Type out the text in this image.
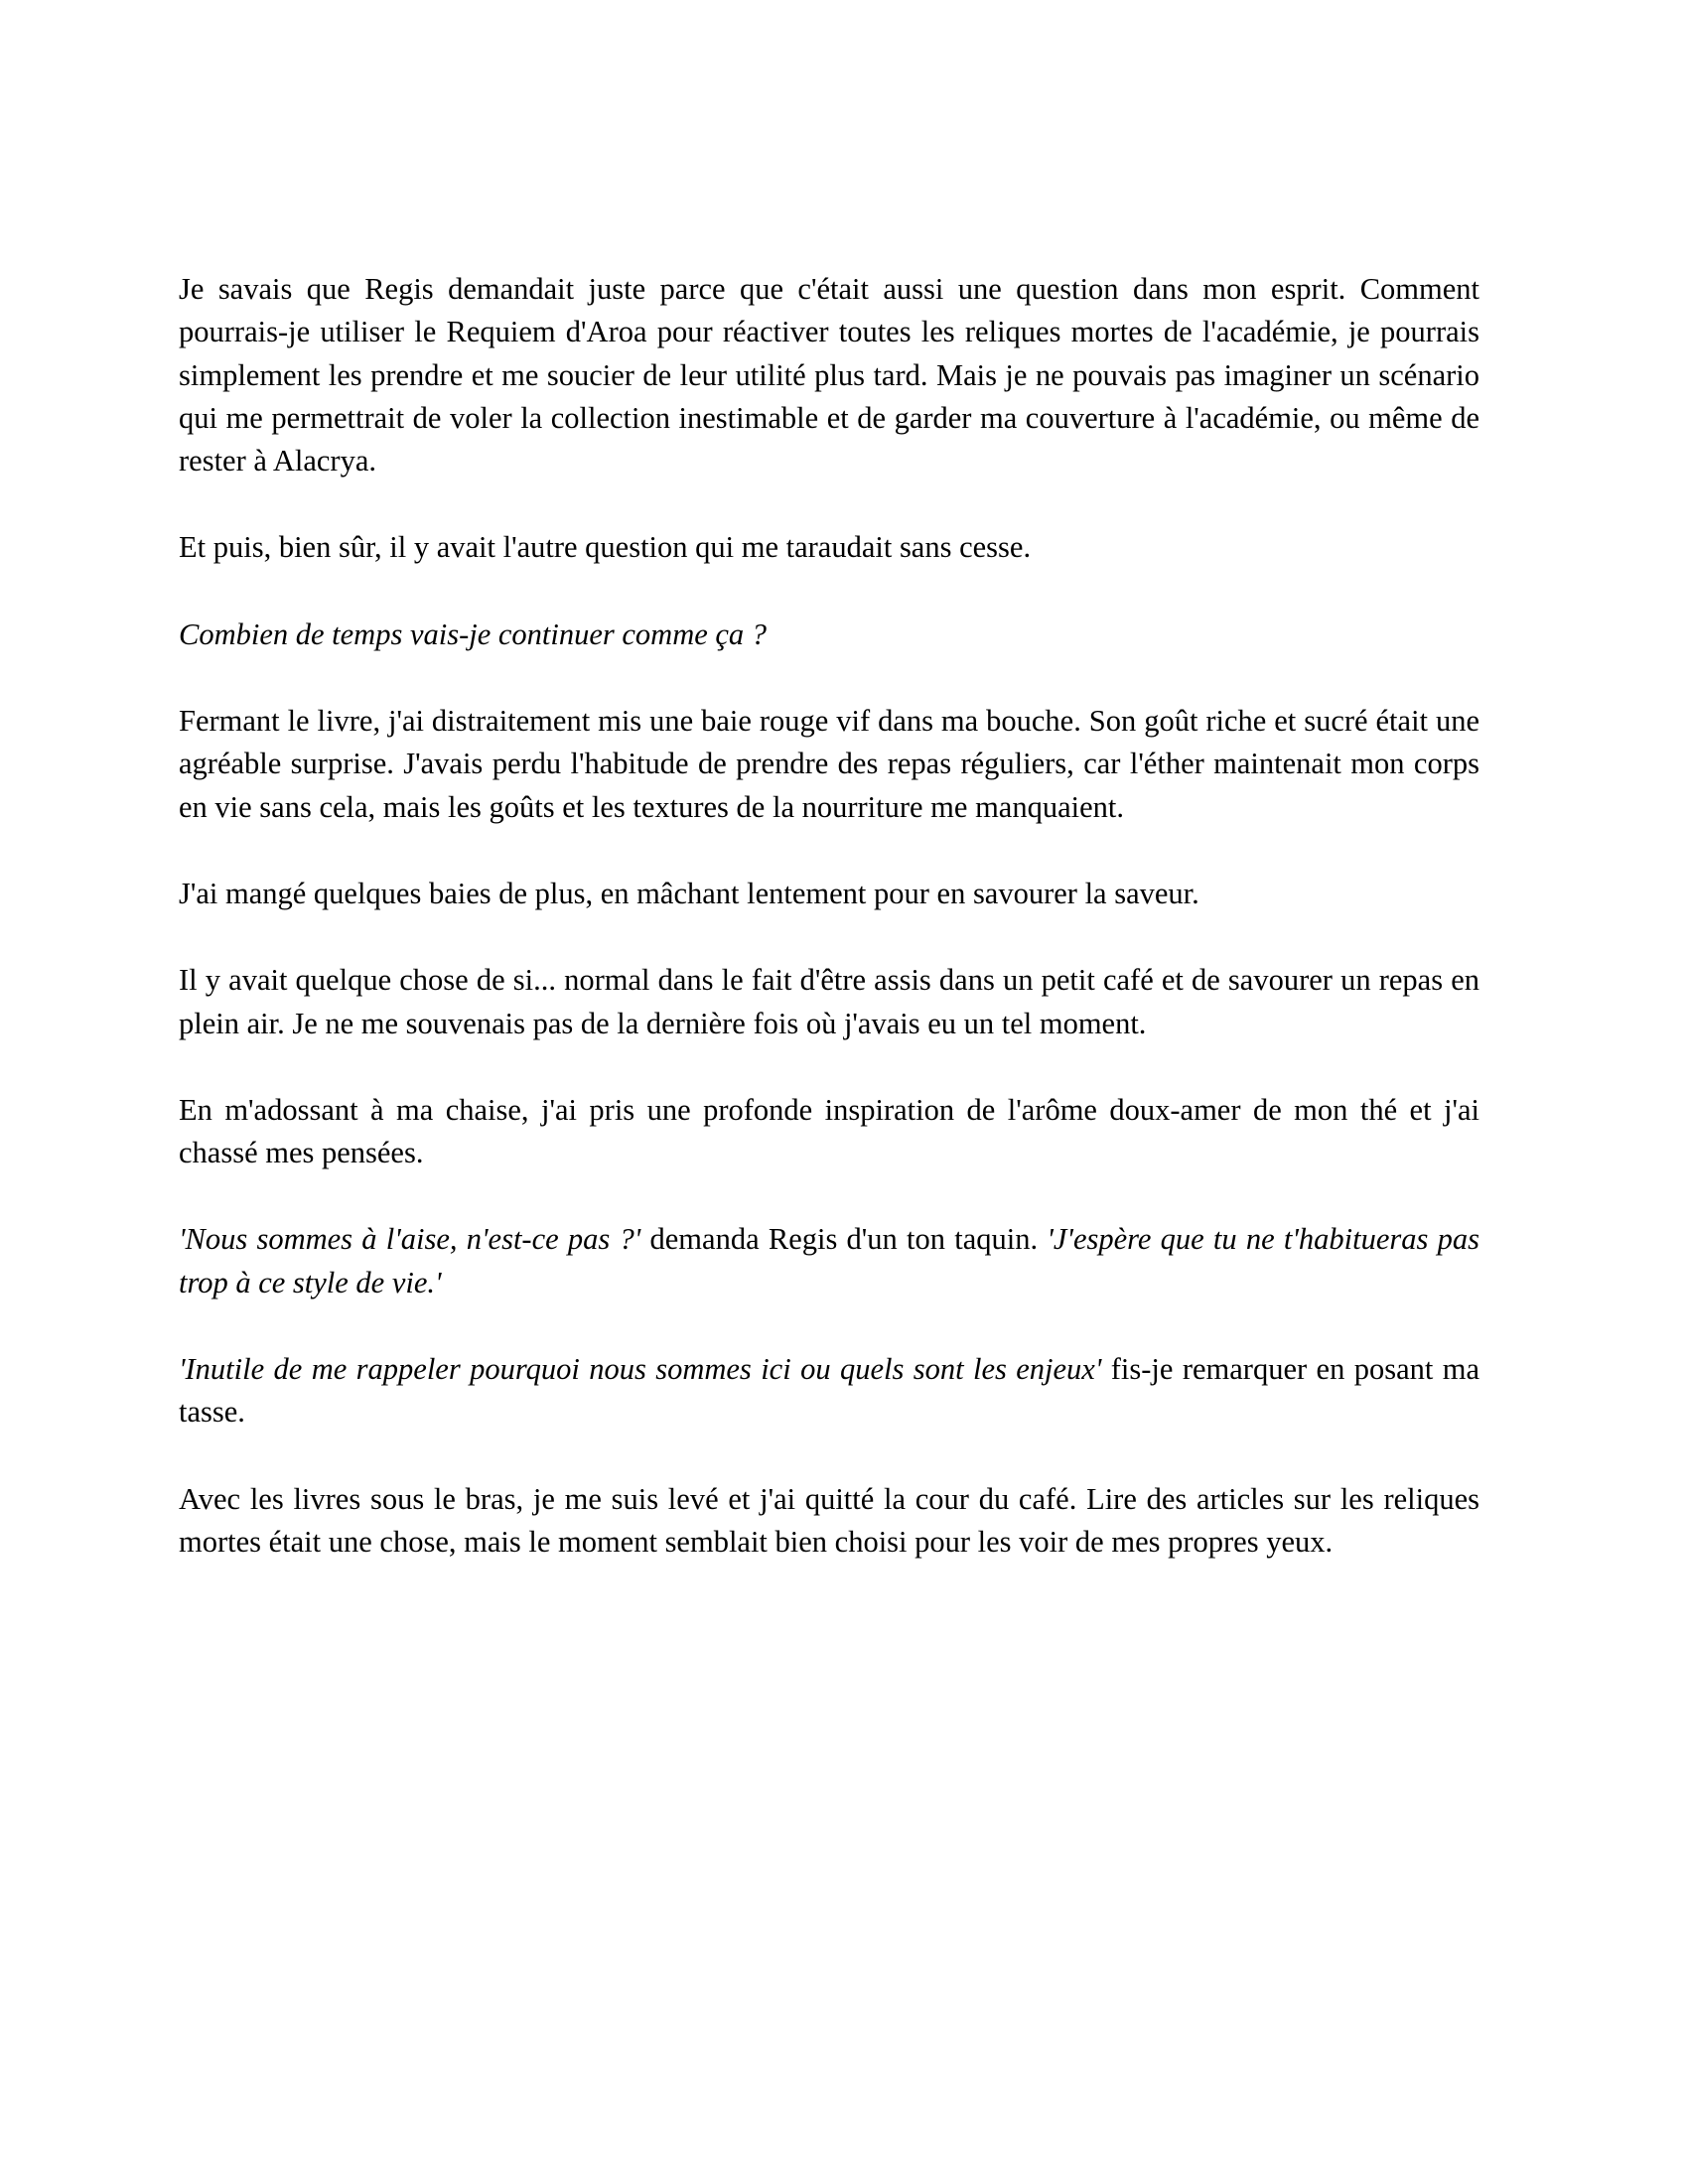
Je savais que Regis demandait juste parce que c'était aussi une question dans mon esprit. Comment pourrais-je utiliser le Requiem d'Aroa pour réactiver toutes les reliques mortes de l'académie, je pourrais simplement les prendre et me soucier de leur utilité plus tard. Mais je ne pouvais pas imaginer un scénario qui me permettrait de voler la collection inestimable et de garder ma couverture à l'académie, ou même de rester à Alacrya.

Et puis, bien sûr, il y avait l'autre question qui me taraudait sans cesse.

Combien de temps vais-je continuer comme ça ?

Fermant le livre, j'ai distraitement mis une baie rouge vif dans ma bouche. Son goût riche et sucré était une agréable surprise. J'avais perdu l'habitude de prendre des repas réguliers, car l'éther maintenait mon corps en vie sans cela, mais les goûts et les textures de la nourriture me manquaient.

J'ai mangé quelques baies de plus, en mâchant lentement pour en savourer la saveur.

Il y avait quelque chose de si... normal dans le fait d'être assis dans un petit café et de savourer un repas en plein air. Je ne me souvenais pas de la dernière fois où j'avais eu un tel moment.

En m'adossant à ma chaise, j'ai pris une profonde inspiration de l'arôme doux-amer de mon thé et j'ai chassé mes pensées.

'Nous sommes à l'aise, n'est-ce pas ?' demanda Regis d'un ton taquin. 'J'espère que tu ne t'habitueras pas trop à ce style de vie.'

'Inutile de me rappeler pourquoi nous sommes ici ou quels sont les enjeux' fis-je remarquer en posant ma tasse.

Avec les livres sous le bras, je me suis levé et j'ai quitté la cour du café. Lire des articles sur les reliques mortes était une chose, mais le moment semblait bien choisi pour les voir de mes propres yeux.
